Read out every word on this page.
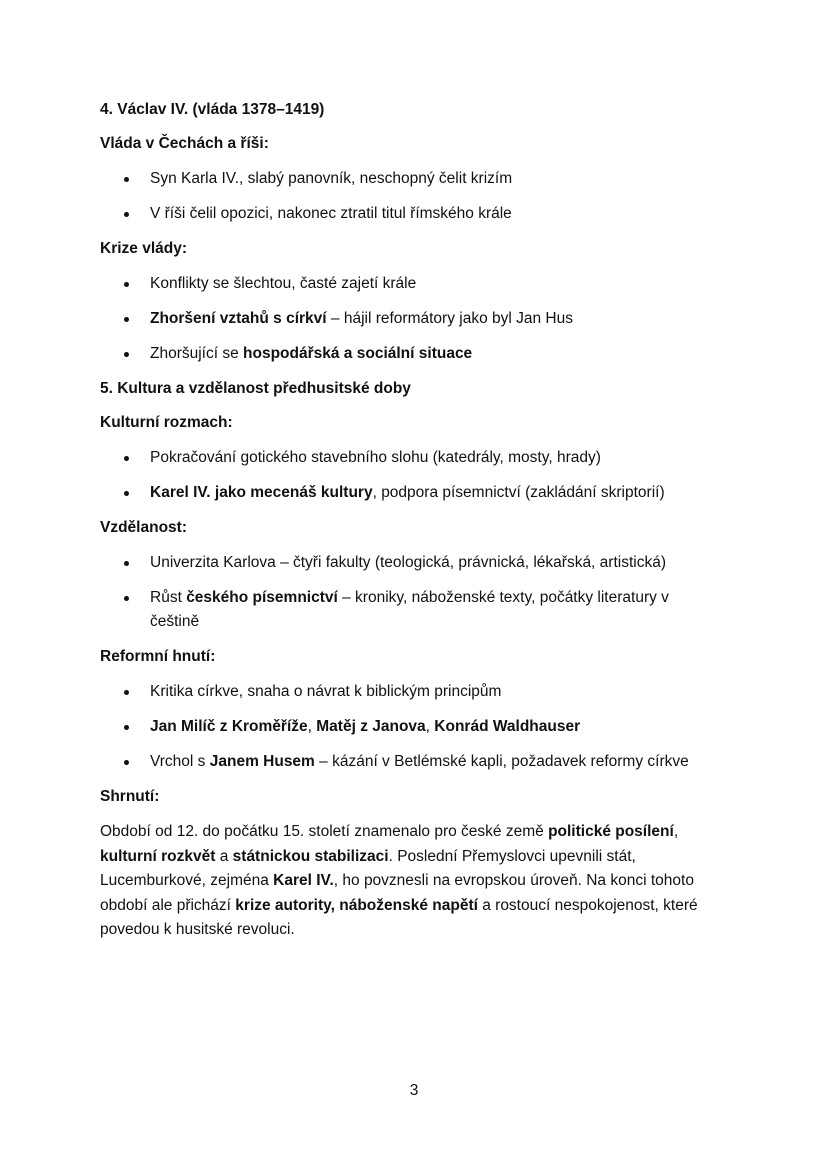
4. Václav IV. (vláda 1378–1419)

Vláda v Čechách a říši:

Syn Karla IV., slabý panovník, neschopný čelit krizím
V říši čelil opozici, nakonec ztratil titul římského krále

Krize vlády:

Konflikty se šlechtou, časté zajetí krále
Zhoršení vztahů s církví – hájil reformátory jako byl Jan Hus
Zhoršující se hospodářská a sociální situace

5. Kultura a vzdělanost předhusitské doby

Kulturní rozmach:

Pokračování gotického stavebního slohu (katedrály, mosty, hrady)
Karel IV. jako mecenáš kultury, podpora písemnictví (zakládání skriptorií)

Vzdělanost:

Univerzita Karlova – čtyři fakulty (teologická, právnická, lékařská, artistická)
Růst českého písemnictví – kroniky, náboženské texty, počátky literatury v
češtině

Reformní hnutí:

Kritika církve, snaha o návrat k biblickým principům
Jan Milíč z Kroměříže, Matěj z Janova, Konrád Waldhauser
Vrchol s Janem Husem – kázání v Betlémské kapli, požadavek reformy církve

Shrnutí:

Období od 12. do počátku 15. století znamenalo pro české země politické posílení, kulturní rozkvět a státnickou stabilizaci. Poslední Přemyslovci upevnili stát, Lucemburkové, zejména Karel IV., ho povznesli na evropskou úroveň. Na konci tohoto období ale přichází krize autority, náboženské napětí a rostoucí nespokojenost, které povedou k husitské revoluci.

3
